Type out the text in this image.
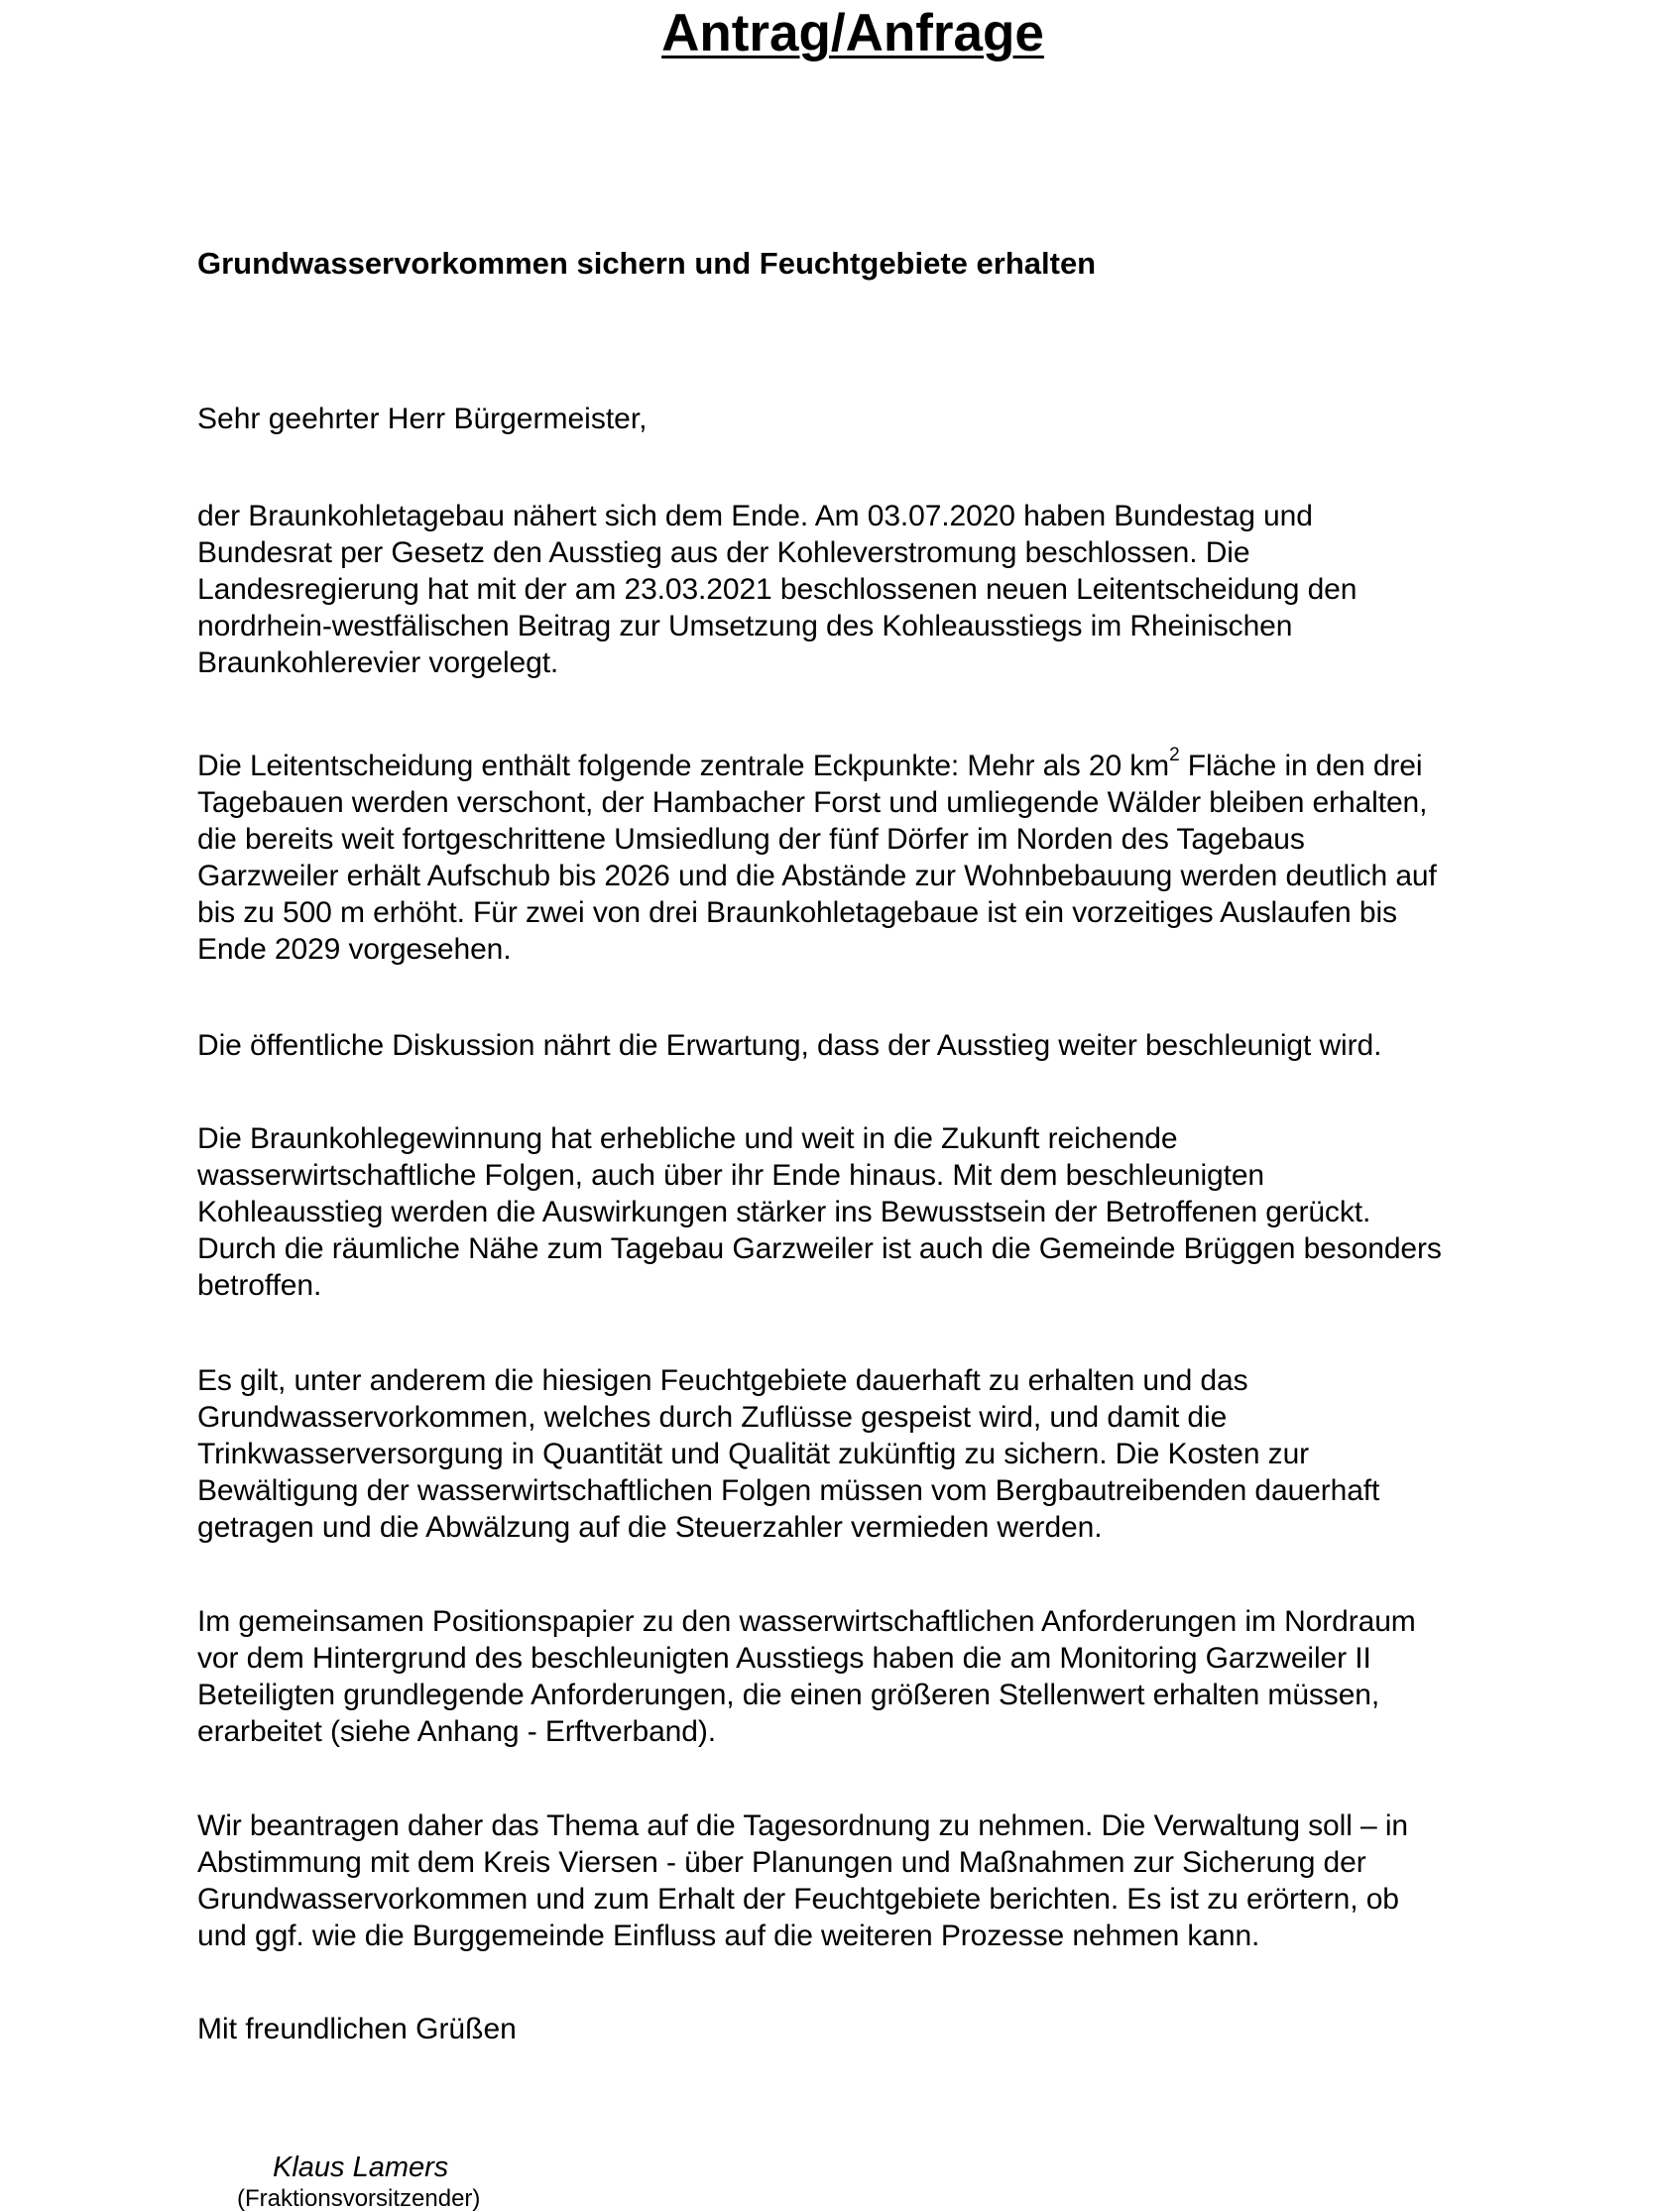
Antrag/Anfrage
Grundwasservorkommen sichern und Feuchtgebiete erhalten

Sehr geehrter Herr Bürgermeister,

der Braunkohletagebau nähert sich dem Ende. Am 03.07.2020 haben Bundestag und
Bundesrat per Gesetz den Ausstieg aus der Kohleverstromung beschlossen. Die
Landesregierung hat mit der am 23.03.2021 beschlossenen neuen Leitentscheidung den
nordrhein-westfälischen Beitrag zur Umsetzung des Kohleausstiegs im Rheinischen
Braunkohlerevier vorgelegt.
Die Leitentscheidung enthält folgende zentrale Eckpunkte: Mehr als 20 $km^2$ Fläche in den drei
Tagebauen werden verschont, der Hambacher Forst und umliegende Wälder bleiben erhalten,
die bereits weit fortgeschrittene Umsiedlung der fünf Dörfer im Norden des Tagebaus
Garzweiler erhält Aufschub bis 2026 und die Abstände zur Wohnbebauung werden deutlich auf
bis zu 500 m erhöht. Für zwei von drei Braunkohletagebaue ist ein vorzeitiges Auslaufen bis
Ende 2029 vorgesehen.
Die öffentliche Diskussion nährt die Erwartung, dass der Ausstieg weiter beschleunigt wird.
Die Braunkohlegewinnung hat erhebliche und weit in die Zukunft reichende
wasserwirtschaftliche Folgen, auch über ihr Ende hinaus. Mit dem beschleunigten
Kohleausstieg werden die Auswirkungen stärker ins Bewusstsein der Betroffenen gerückt.
Durch die räumliche Nähe zum Tagebau Garzweiler ist auch die Gemeinde Brüggen besonders
betroffen.
Es gilt, unter anderem die hiesigen Feuchtgebiete dauerhaft zu erhalten und das
Grundwasservorkommen, welches durch Zuflüsse gespeist wird, und damit die
Trinkwasserversorgung in Quantität und Qualität zukünftig zu sichern. Die Kosten zur
Bewältigung der wasserwirtschaftlichen Folgen müssen vom Bergbautreibenden dauerhaft
getragen und die Abwälzung auf die Steuerzahler vermieden werden.
Im gemeinsamen Positionspapier zu den wasserwirtschaftlichen Anforderungen im Nordraum
vor dem Hintergrund des beschleunigten Ausstiegs haben die am Monitoring Garzweiler II
Beteiligten grundlegende Anforderungen, die einen größeren Stellenwert erhalten müssen,
erarbeitet (siehe Anhang - Erftverband).
Wir beantragen daher das Thema auf die Tagesordnung zu nehmen. Die Verwaltung soll – in
Abstimmung mit dem Kreis Viersen - über Planungen und Maßnahmen zur Sicherung der
Grundwasservorkommen und zum Erhalt der Feuchtgebiete berichten. Es ist zu erörtern, ob
und ggf. wie die Burggemeinde Einfluss auf die weiteren Prozesse nehmen kann.

Mit freundlichen Grüßen

Klaus Lamers

(Fraktionsvorsitzender)
